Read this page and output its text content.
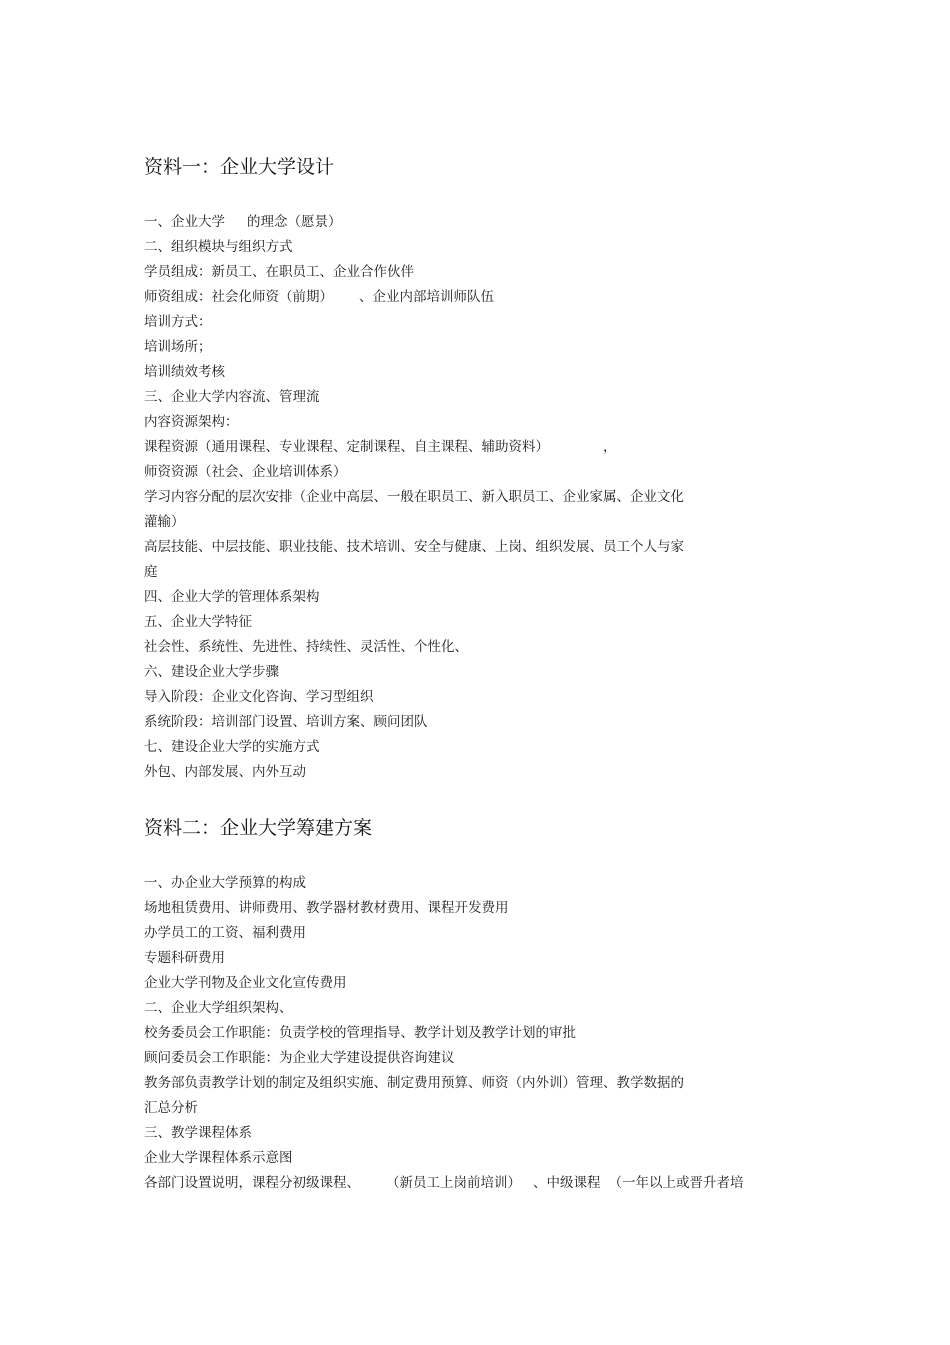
资料一：企业大学设计

一、企业大学 的理念（愿景）

二、组织模块与组织方式

学员组成：新员工、在职员工、企业合作伙伴

师资组成：社会化师资（前期） 、企业内部培训师队伍

培训方式：

培训场所；

培训绩效考核

三、企业大学内容流、管理流

内容资源架构：

课程资源（通用课程、专业课程、定制课程、自主课程、辅助资料）	，

师资资源（社会、企业培训体系）

学习内容分配的层次安排（企业中高层、一般在职员工、新入职员工、企业家属、企业文化

灌输）

高层技能、中层技能、职业技能、技术培训、安全与健康、上岗、组织发展、员工个人与家

庭

四、企业大学的管理体系架构

五、企业大学特征

社会性、系统性、先进性、持续性、灵活性、个性化、

六、建设企业大学步骤

导入阶段：企业文化咨询、学习型组织

系统阶段：培训部门设置、培训方案、顾问团队

七、建设企业大学的实施方式

外包、内部发展、内外互动

资料二：企业大学筹建方案

一、办企业大学预算的构成

场地租赁费用、讲师费用、教学器材教材费用、课程开发费用

办学员工的工资、福利费用

专题科研费用

企业大学刊物及企业文化宣传费用

二、企业大学组织架构、

校务委员会工作职能：负责学校的管理指导、教学计划及教学计划的审批

顾问委员会工作职能：为企业大学建设提供咨询建议

教务部负责教学计划的制定及组织实施、制定费用预算、师资（内外训）管理、教学数据的

汇总分析

三、教学课程体系

企业大学课程体系示意图

各部门设置说明，课程分初级课程、 （新员工上岗前培训） 、中级课程 （一年以上或晋升者培
